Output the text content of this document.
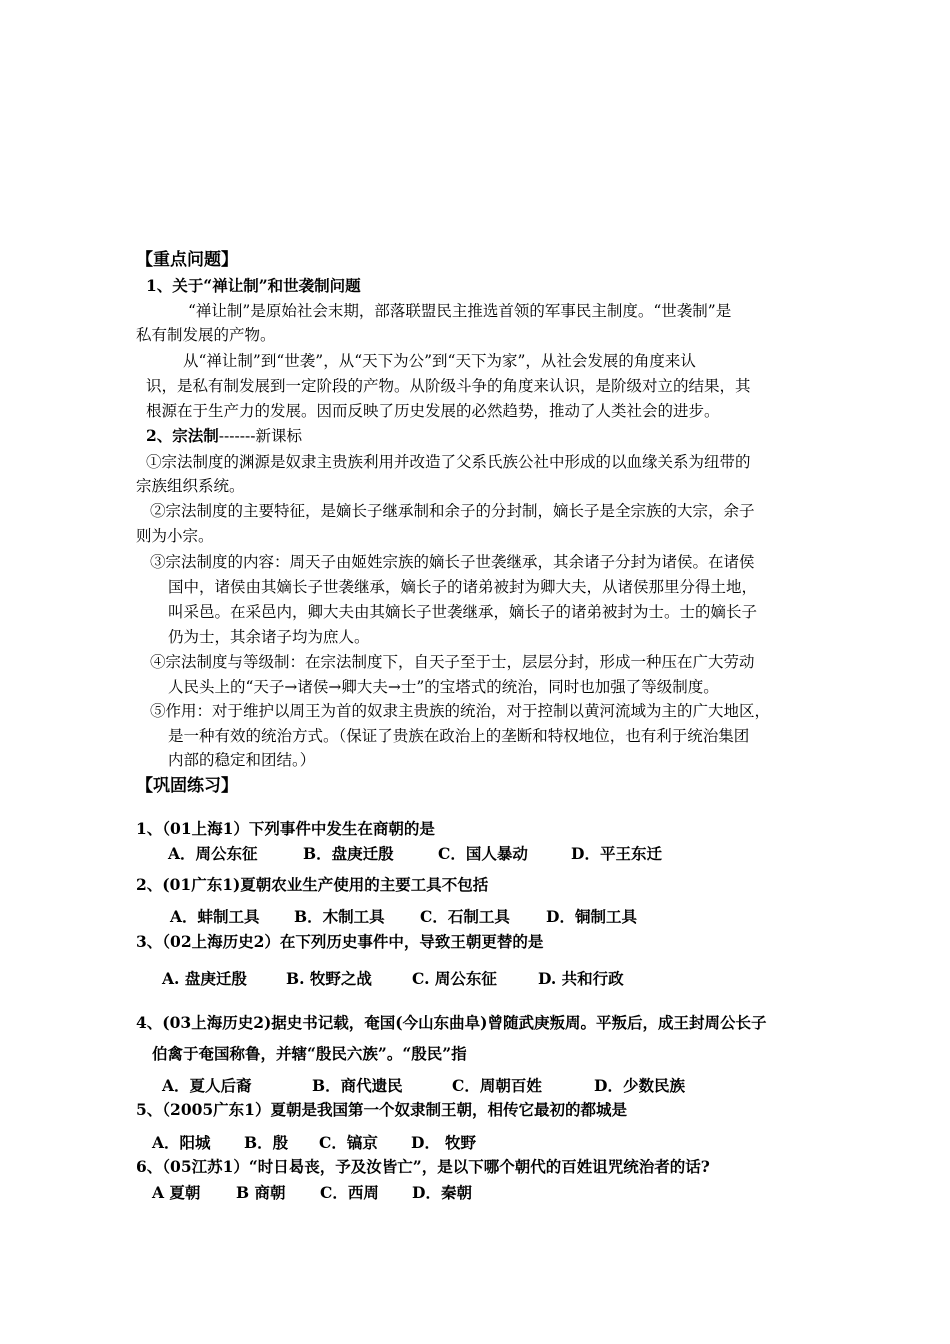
【重点问题】
1、关于“禅让制”和世袭制问题
“禅让制”是原始社会末期，部落联盟民主推选首领的军事民主制度。“世袭制”是
私有制发展的产物。
从“禅让制”到“世袭”，从“天下为公”到“天下为家”，从社会发展的角度来认
识，是私有制发展到一定阶段的产物。从阶级斗争的角度来认识，是阶级对立的结果，其
根源在于生产力的发展。因而反映了历史发展的必然趋势，推动了人类社会的进步。
2、宗法制-------新课标
①宗法制度的渊源是奴隶主贵族利用并改造了父系氏族公社中形成的以血缘关系为纽带的
宗族组织系统。
②宗法制度的主要特征，是嫡长子继承制和余子的分封制，嫡长子是全宗族的大宗，余子
则为小宗。
③宗法制度的内容：周天子由姬姓宗族的嫡长子世袭继承，其余诸子分封为诸侯。在诸侯
国中，诸侯由其嫡长子世袭继承，嫡长子的诸弟被封为卿大夫，从诸侯那里分得土地，
叫采邑。在采邑内，卿大夫由其嫡长子世袭继承，嫡长子的诸弟被封为士。士的嫡长子
仍为士，其余诸子均为庶人。
④宗法制度与等级制：在宗法制度下，自天子至于士，层层分封，形成一种压在广大劳动
人民头上的“天子→诸侯→卿大夫→士”的宝塔式的统治，同时也加强了等级制度。
⑤作用：对于维护以周王为首的奴隶主贵族的统治，对于控制以黄河流域为主的广大地区，
是一种有效的统治方式。（保证了贵族在政治上的垄断和特权地位，也有利于统治集团
内部的稳定和团结。）
【巩固练习】
1、（01上海1）下列事件中发生在商朝的是
A．周公东征	B．盘庚迁殷	C．国人暴动	D．平王东迁
2、(01广东1)夏朝农业生产使用的主要工具不包括
A．蚌制工具 B．木制工具 C．石制工具 D．铜制工具
3、（02上海历史2）在下列历史事件中，导致王朝更替的是
A. 盘庚迁殷	B. 牧野之战	C. 周公东征	D. 共和行政
4、(03上海历史2)据史书记载，奄国(今山东曲阜)曾随武庚叛周。平叛后，成王封周公长子
伯禽于奄国称鲁，并辖“殷民六族”。“殷民”指
A．夏人后裔	B．商代遗民	C．周朝百姓	D．少数民族
5、（2005广东1）夏朝是我国第一个奴隶制王朝，相传它最初的都城是
A．阳城 B．殷 C．镐京 D． 牧野
6、（05江苏1）“时日曷丧，予及汝皆亡”，是以下哪个朝代的百姓诅咒统治者的话?
A 夏朝 B 商朝 C．西周 D．秦朝
